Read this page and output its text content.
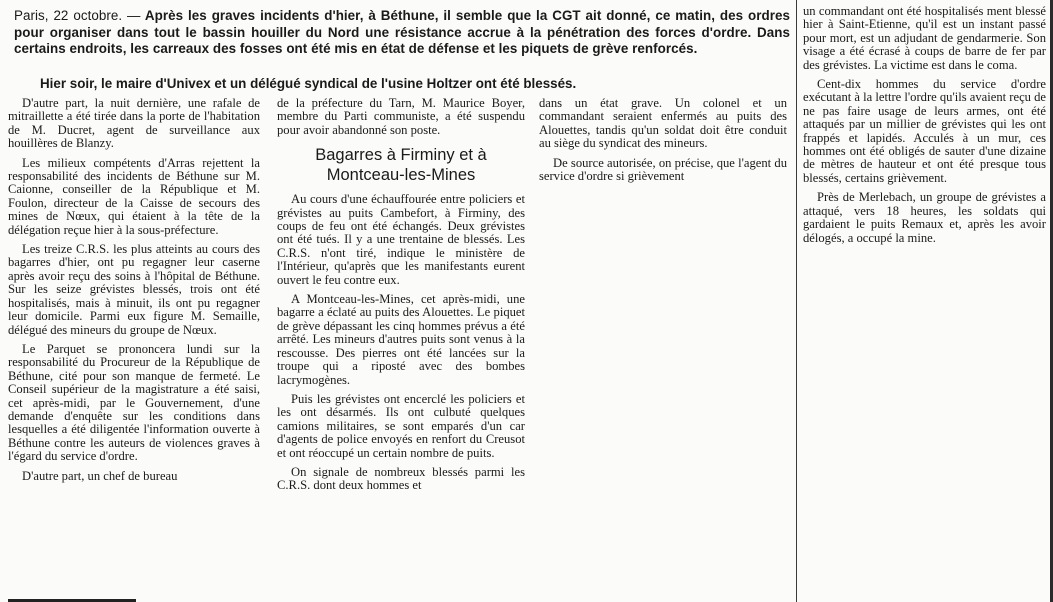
Paris, 22 octobre. — Après les graves incidents d'hier, à Béthune, il semble que la CGT ait donné, ce matin, des ordres pour organiser dans tout le bassin houiller du Nord une résistance accrue à la pénétration des forces d'ordre. Dans certains endroits, les carreaux des fosses ont été mis en état de défense et les piquets de grève renforcés.
Hier soir, le maire d'Univex et un délégué syndical de l'usine Holtzer ont été blessés.

D'autre part, la nuit dernière, une rafale de mitraillette a été tirée dans la porte de l'habitation de M. Ducret, agent de surveillance aux houillères de Blanzy.

Les milieux compétents d'Arras rejettent la responsabilité des incidents de Béthune sur M. Caionne, conseiller de la République et M. Foulon, directeur de la Caisse de secours des mines de Nœux, qui étaient à la tête de la délégation reçue hier à la sous-préfecture.

Les treize C.R.S. les plus atteints au cours des bagarres d'hier, ont pu regagner leur caserne après avoir reçu des soins à l'hôpital de Béthune. Sur les seize grévistes blessés, trois ont été hospitalisés, mais à minuit, ils ont pu regagner leur domicile. Parmi eux figure M. Semaille, délégué des mineurs du groupe de Nœux.

Le Parquet se prononcera lundi sur la responsabilité du Procureur de la République de Béthune, cité pour son manque de fermeté. Le Conseil supérieur de la magistrature a été saisi, cet après-midi, par le Gouvernement, d'une demande d'enquête sur les conditions dans lesquelles a été diligentée l'information ouverte à Béthune contre les auteurs de violences graves à l'égard du service d'ordre.

D'autre part, un chef de bureau

de la préfecture du Tarn, M. Maurice Boyer, membre du Parti communiste, a été suspendu pour avoir abandonné son poste.

Bagarres à Firminy et à Montceau-les-Mines

Au cours d'une échauffourée entre policiers et grévistes au puits Cambefort, à Firminy, des coups de feu ont été échangés. Deux grévistes ont été tués. Il y a une trentaine de blessés. Les C.R.S. n'ont tiré, indique le ministère de l'Intérieur, qu'après que les manifestants eurent ouvert le feu contre eux.

A Montceau-les-Mines, cet après-midi, une bagarre a éclaté au puits des Alouettes. Le piquet de grève dépassant les cinq hommes prévus a été arrêté. Les mineurs d'autres puits sont venus à la rescousse. Des pierres ont été lancées sur la troupe qui a riposté avec des bombes lacrymogènes.

Puis les grévistes ont encerclé les policiers et les ont désarmés. Ils ont culbuté quelques camions militaires, se sont emparés d'un car d'agents de police envoyés en renfort du Creusot et ont réoccupé un certain nombre de puits.

On signale de nombreux blessés parmi les C.R.S. dont deux hommes et

dans un état grave. Un colonel et un commandant seraient enfermés au puits des Alouettes, tandis qu'un soldat doit être conduit au siège du syndicat des mineurs.

De source autorisée, on précise, que l'agent du service d'ordre si grièvement

un commandant ont été hospitalisés ment blessé hier à Saint-Etienne, qu'il est un instant passé pour mort, est un adjudant de gendarmerie. Son visage a été écrasé à coups de barre de fer par des grévistes. La victime est dans le coma.

Cent-dix hommes du service d'ordre exécutant à la lettre l'ordre qu'ils avaient reçu de ne pas faire usage de leurs armes, ont été attaqués par un millier de grévistes qui les ont frappés et lapidés. Acculés à un mur, ces hommes ont été obligés de sauter d'une dizaine de mètres de hauteur et ont été presque tous blessés, certains grièvement.

Près de Merlebach, un groupe de grévistes a attaqué, vers 18 heures, les soldats qui gardaient le puits Remaux et, après les avoir délogés, a occupé la mine.
